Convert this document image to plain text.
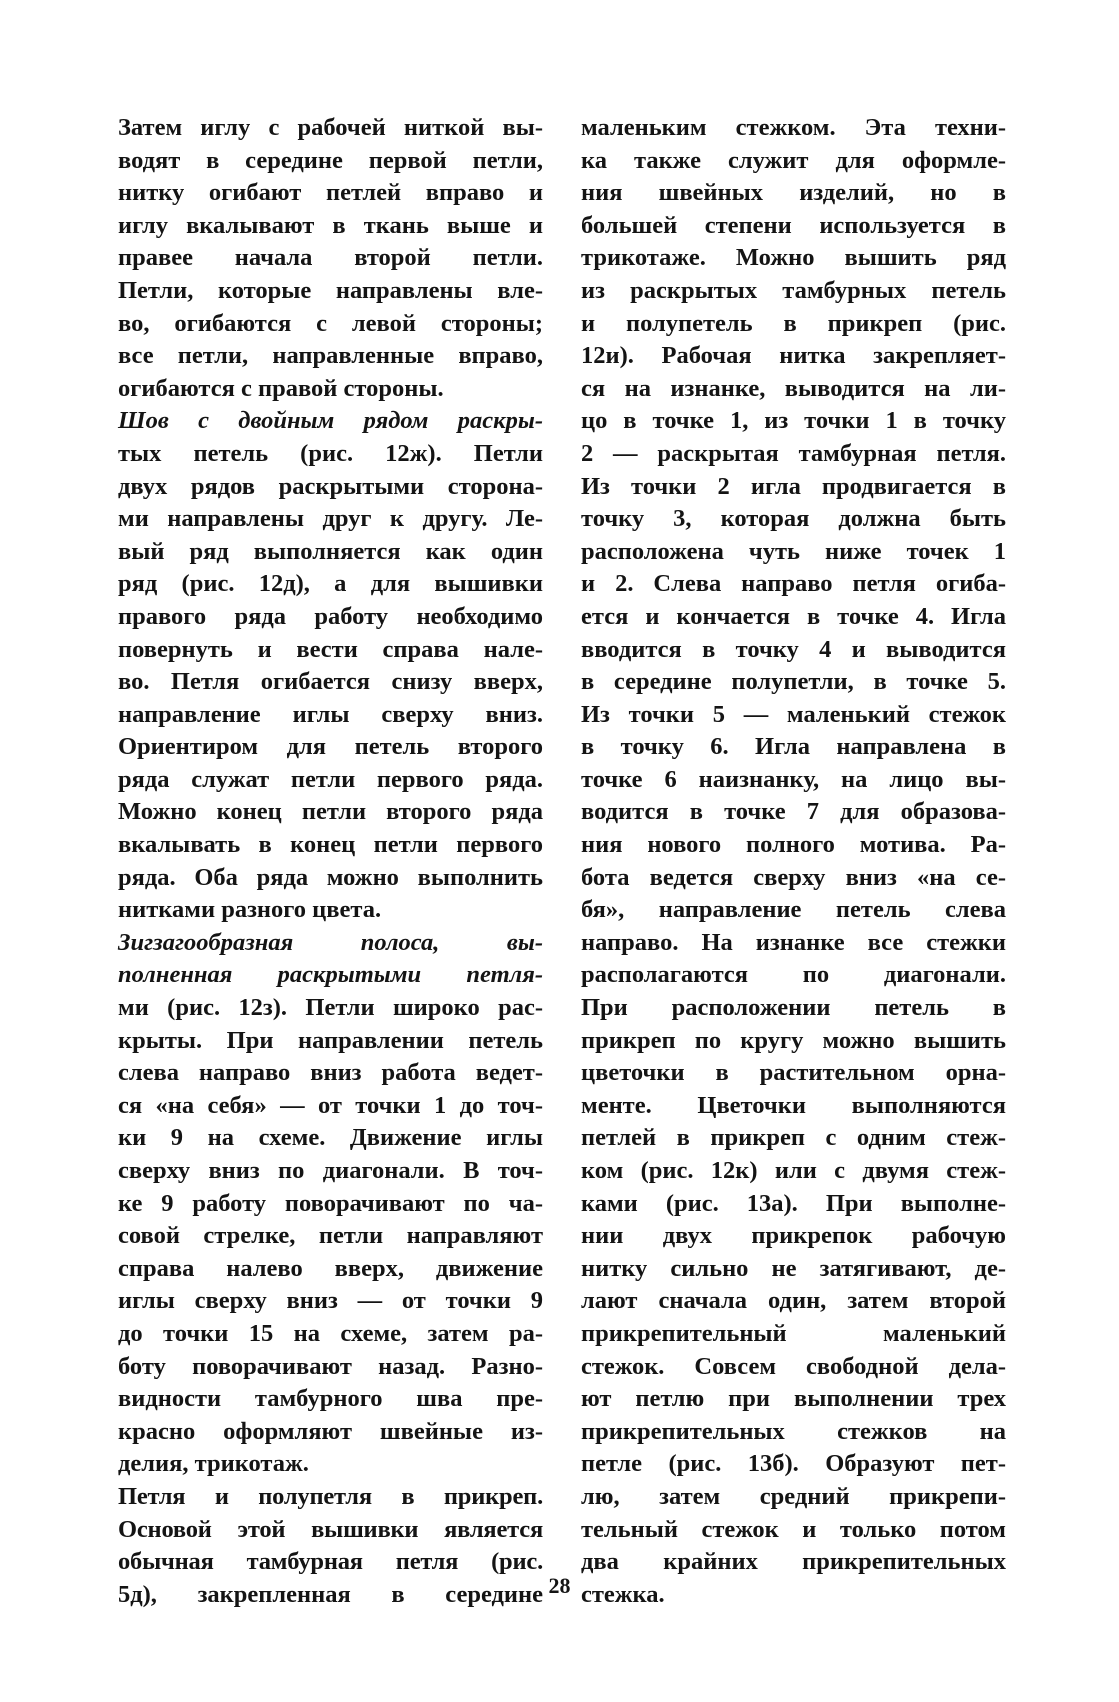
Затем иглу с рабочей ниткой вы-
водят в середине первой петли,
нитку огибают петлей вправо и
иглу вкалывают в ткань выше и
правее начала второй петли.
Петли, которые направлены вле-
во, огибаются с левой стороны;
все петли, направленные вправо,
огибаются с правой стороны.
Шов с двойным рядом раскры-
тых петель (рис. 12ж). Петли
двух рядов раскрытыми сторона-
ми направлены друг к другу. Ле-
вый ряд выполняется как один
ряд (рис. 12д), а для вышивки
правого ряда работу необходимо
повернуть и вести справа нале-
во. Петля огибается снизу вверх,
направление иглы сверху вниз.
Ориентиром для петель второго
ряда служат петли первого ряда.
Можно конец петли второго ряда
вкалывать в конец петли первого
ряда. Оба ряда можно выполнить
нитками разного цвета.
Зигзагообразная полоса, вы-
полненная раскрытыми петля-
ми (рис. 12з). Петли широко рас-
крыты. При направлении петель
слева направо вниз работа ведет-
ся «на себя» — от точки 1 до точ-
ки 9 на схеме. Движение иглы
сверху вниз по диагонали. В точ-
ке 9 работу поворачивают по ча-
совой стрелке, петли направляют
справа налево вверх, движение
иглы сверху вниз — от точки 9
до точки 15 на схеме, затем ра-
боту поворачивают назад. Разно-
видности тамбурного шва пре-
красно оформляют швейные из-
делия, трикотаж.
Петля и полупетля в прикреп.
Основой этой вышивки является
обычная тамбурная петля (рис.
5д), закрепленная в середине
маленьким стежком. Эта техни-
ка также служит для оформле-
ния швейных изделий, но в
большей степени используется в
трикотаже. Можно вышить ряд
из раскрытых тамбурных петель
и полупетель в прикреп (рис.
12и). Рабочая нитка закрепляет-
ся на изнанке, выводится на ли-
цо в точке 1, из точки 1 в точку
2 — раскрытая тамбурная петля.
Из точки 2 игла продвигается в
точку 3, которая должна быть
расположена чуть ниже точек 1
и 2. Слева направо петля огиба-
ется и кончается в точке 4. Игла
вводится в точку 4 и выводится
в середине полупетли, в точке 5.
Из точки 5 — маленький стежок
в точку 6. Игла направлена в
точке 6 наизнанку, на лицо вы-
водится в точке 7 для образова-
ния нового полного мотива. Ра-
бота ведется сверху вниз «на се-
бя», направление петель слева
направо. На изнанке все стежки
располагаются по диагонали.
При расположении петель в
прикреп по кругу можно вышить
цветочки в растительном орна-
менте. Цветочки выполняются
петлей в прикреп с одним стеж-
ком (рис. 12к) или с двумя стеж-
ками (рис. 13а). При выполне-
нии двух прикрепок рабочую
нитку сильно не затягивают, де-
лают сначала один, затем второй
прикрепительный маленький
стежок. Совсем свободной дела-
ют петлю при выполнении трех
прикрепительных стежков на
петле (рис. 13б). Образуют пет-
лю, затем средний прикрепи-
тельный стежок и только потом
два крайних прикрепительных
стежка.
28
